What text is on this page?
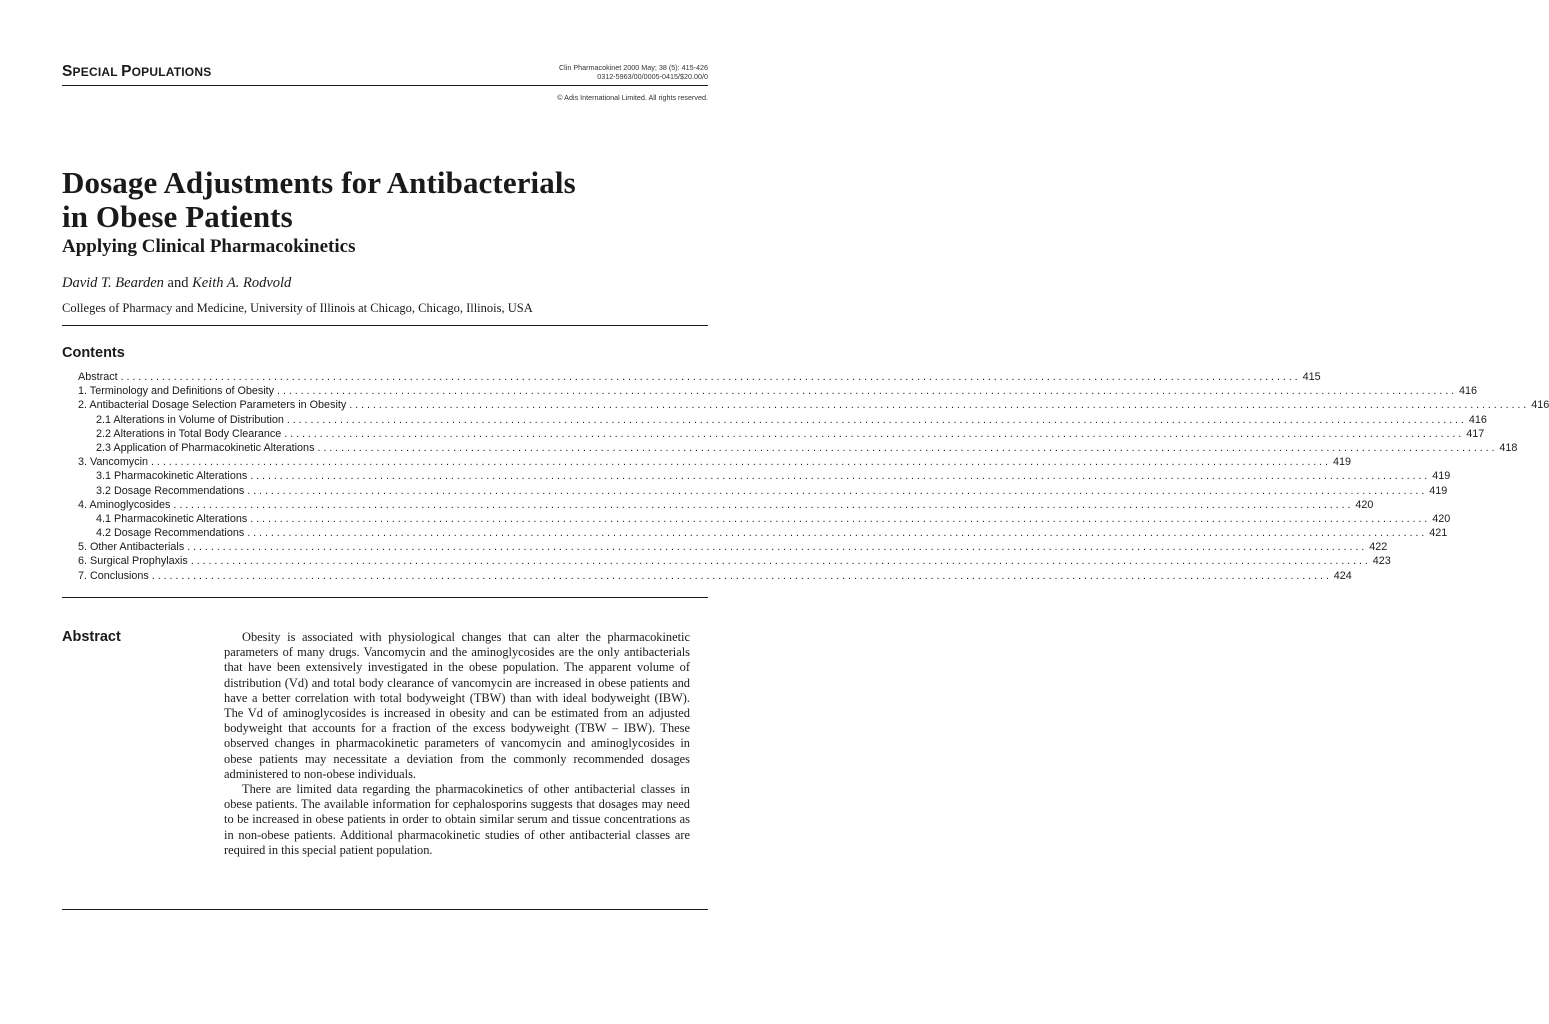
SPECIAL POPULATIONS	Clin Pharmacokinet 2000 May; 38 (5): 415-426
0312-5963/00/0005-0415/$20.00/0
© Adis International Limited. All rights reserved.
Dosage Adjustments for Antibacterials
in Obese Patients
Applying Clinical Pharmacokinetics
David T. Bearden and Keith A. Rodvold
Colleges of Pharmacy and Medicine, University of Illinois at Chicago, Chicago, Illinois, USA
Contents
Abstract ........................................................................................................................................................................................................ 415
1. Terminology and Definitions of Obesity ........................................................................................................................................................................................................ 416
2. Antibacterial Dosage Selection Parameters in Obesity ........................................................................................................................................................................................................ 416
2.1 Alterations in Volume of Distribution ........................................................................................................................................................................................................ 416
2.2 Alterations in Total Body Clearance ........................................................................................................................................................................................................ 417
2.3 Application of Pharmacokinetic Alterations ........................................................................................................................................................................................................ 418
3. Vancomycin ........................................................................................................................................................................................................ 419
3.1 Pharmacokinetic Alterations ........................................................................................................................................................................................................ 419
3.2 Dosage Recommendations ........................................................................................................................................................................................................ 419
4. Aminoglycosides ........................................................................................................................................................................................................ 420
4.1 Pharmacokinetic Alterations ........................................................................................................................................................................................................ 420
4.2 Dosage Recommendations ........................................................................................................................................................................................................ 421
5. Other Antibacterials ........................................................................................................................................................................................................ 422
6. Surgical Prophylaxis ........................................................................................................................................................................................................ 423
7. Conclusions ........................................................................................................................................................................................................ 424
Abstract	Obesity is associated with physiological changes that can alter the pharmacokinetic parameters of many drugs. Vancomycin and the aminoglycosides are the only antibacterials that have been extensively investigated in the obese population. The apparent volume of distribution (Vd) and total body clearance of vancomycin are increased in obese patients and have a better correlation with total bodyweight (TBW) than with ideal bodyweight (IBW). The Vd of aminoglycosides is increased in obesity and can be estimated from an adjusted bodyweight that accounts for a fraction of the excess bodyweight (TBW – IBW). These observed changes in pharmacokinetic parameters of vancomycin and aminoglycosides in obese patients may necessitate a deviation from the commonly recommended dosages administered to non-obese individuals.

There are limited data regarding the pharmacokinetics of other antibacterial classes in obese patients. The available information for cephalosporins suggests that dosages may need to be increased in obese patients in order to obtain similar serum and tissue concentrations as in non-obese patients. Additional pharmacokinetic studies of other antibacterial classes are required in this special patient population.
